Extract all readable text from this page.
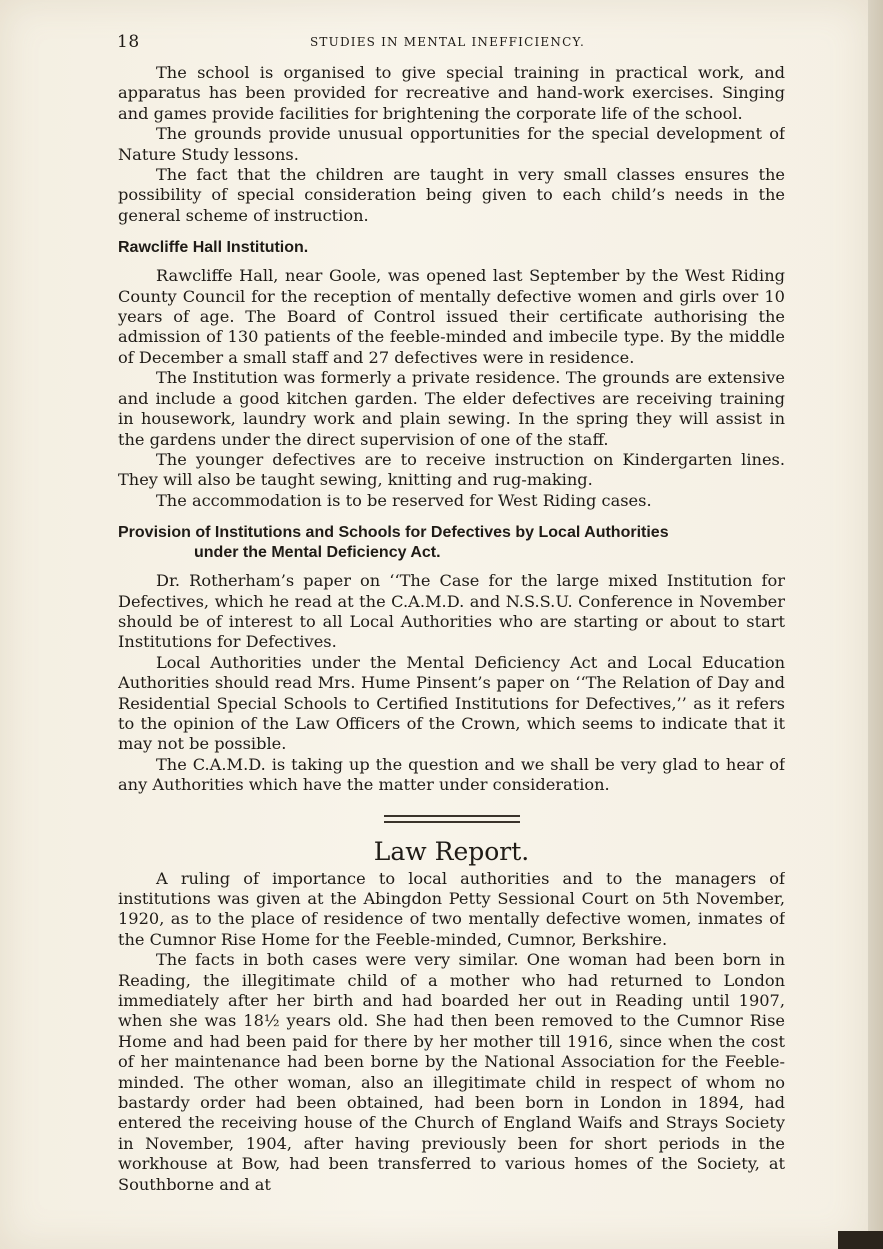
18	STUDIES IN MENTAL INEFFICIENCY.

The school is organised to give special training in practical work, and apparatus has been provided for recreative and hand-work exercises. Singing and games provide facilities for brightening the corporate life of the school.

The grounds provide unusual opportunities for the special development of Nature Study lessons.

The fact that the children are taught in very small classes ensures the possibility of special consideration being given to each child’s needs in the general scheme of instruction.

Rawcliffe Hall Institution.

Rawcliffe Hall, near Goole, was opened last September by the West Riding County Council for the reception of mentally defective women and girls over 10 years of age. The Board of Control issued their certificate authorising the admission of 130 patients of the feeble-minded and imbecile type. By the middle of December a small staff and 27 defectives were in residence.

The Institution was formerly a private residence. The grounds are extensive and include a good kitchen garden. The elder defectives are receiving training in housework, laundry work and plain sewing. In the spring they will assist in the gardens under the direct supervision of one of the staff.

The younger defectives are to receive instruction on Kindergarten lines. They will also be taught sewing, knitting and rug-making.

The accommodation is to be reserved for West Riding cases.

Provision of Institutions and Schools for Defectives by Local Authorities
under the Mental Deficiency Act.

Dr. Rotherham’s paper on ‘‘The Case for the large mixed Institution for Defectives, which he read at the C.A.M.D. and N.S.S.U. Conference in November should be of interest to all Local Authorities who are starting or about to start Institutions for Defectives.

Local Authorities under the Mental Deficiency Act and Local Education Authorities should read Mrs. Hume Pinsent’s paper on ‘‘The Relation of Day and Residential Special Schools to Certified Institutions for Defectives,’’ as it refers to the opinion of the Law Officers of the Crown, which seems to indicate that it may not be possible.

The C.A.M.D. is taking up the question and we shall be very glad to hear of any Authorities which have the matter under consideration.

Law Report.

A ruling of importance to local authorities and to the managers of institutions was given at the Abingdon Petty Sessional Court on 5th November, 1920, as to the place of residence of two mentally defective women, inmates of the Cumnor Rise Home for the Feeble-minded, Cumnor, Berkshire.

The facts in both cases were very similar. One woman had been born in Reading, the illegitimate child of a mother who had returned to London immediately after her birth and had boarded her out in Reading until 1907, when she was 18½ years old. She had then been removed to the Cumnor Rise Home and had been paid for there by her mother till 1916, since when the cost of her maintenance had been borne by the National Association for the Feeble-minded. The other woman, also an illegitimate child in respect of whom no bastardy order had been obtained, had been born in London in 1894, had entered the receiving house of the Church of England Waifs and Strays Society in November, 1904, after having previously been for short periods in the workhouse at Bow, had been transferred to various homes of the Society, at Southborne and at
